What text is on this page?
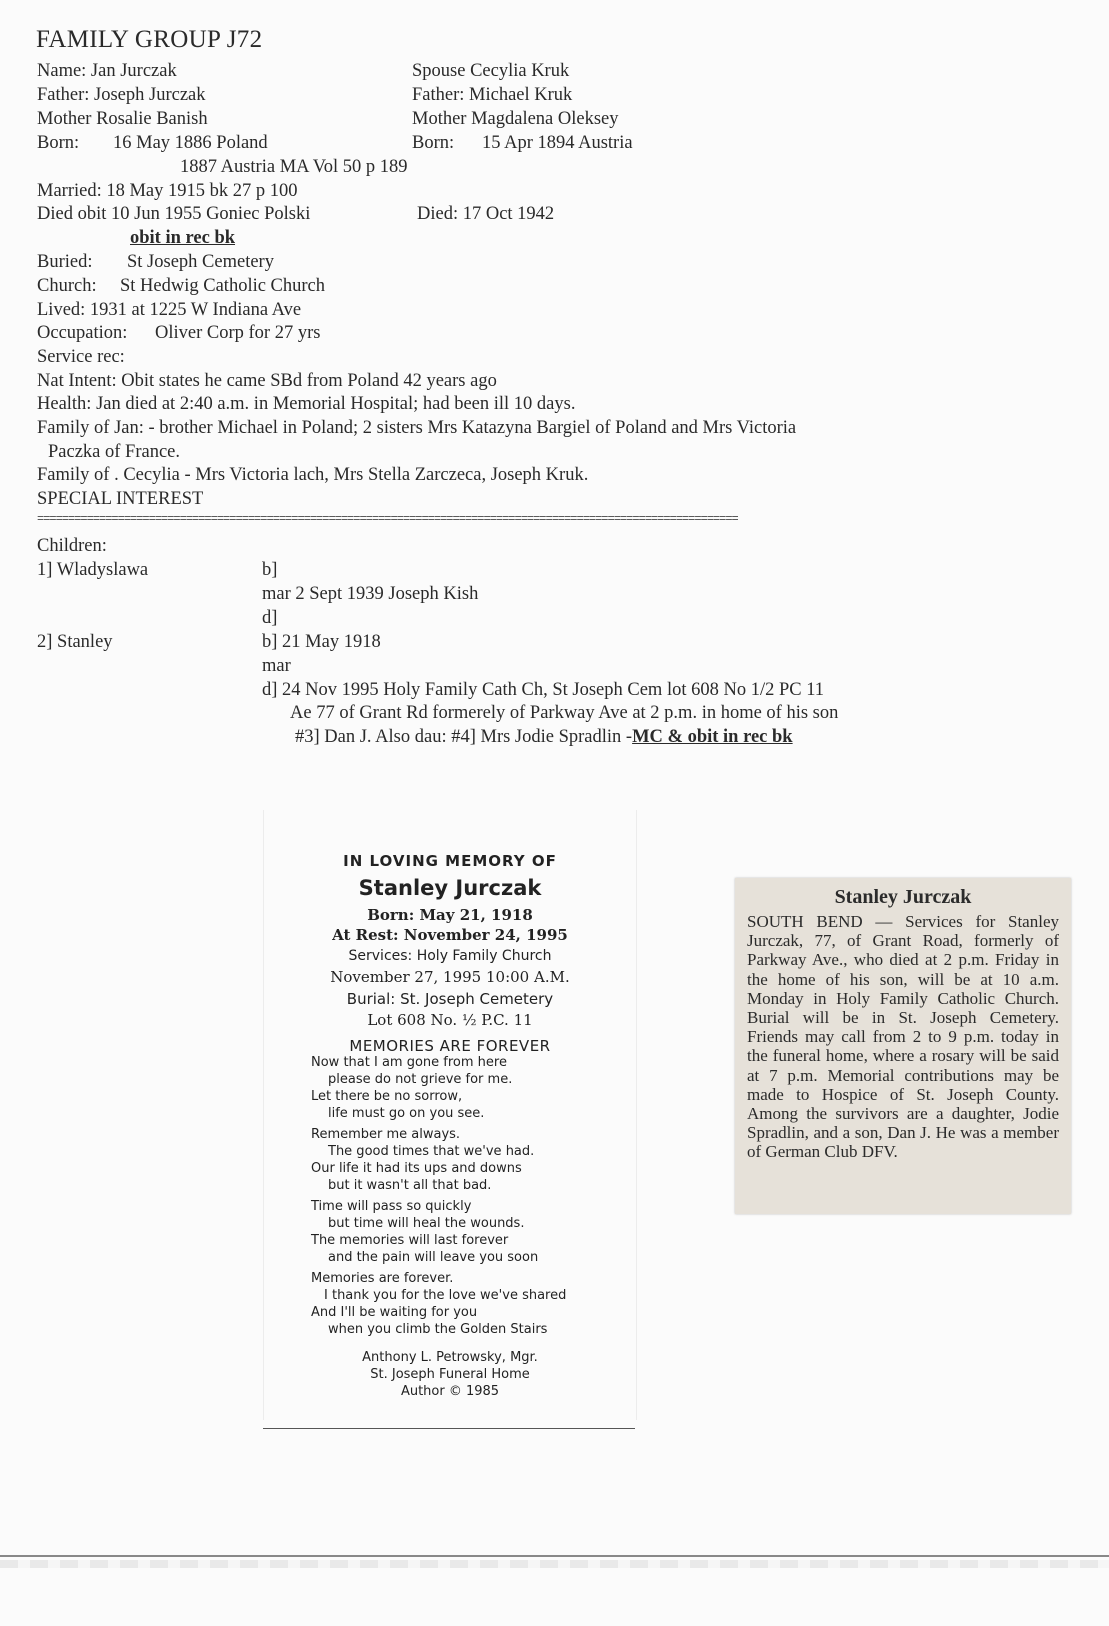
FAMILY GROUP J72
Name: Jan Jurczak
Father: Joseph Jurczak
Mother Rosalie Banish
Born: 16 May 1886 Poland
1887 Austria MA Vol 50 p 189
Spouse Cecylia Kruk
Father: Michael Kruk
Mother Magdalena Oleksey
Born: 15 Apr 1894 Austria
Died: 17 Oct 1942
Married: 18 May 1915 bk 27 p 100
Died obit 10 Jun 1955 Goniec Polski
obit in rec bk
Buried: St Joseph Cemetery
Church: St Hedwig Catholic Church
Lived: 1931 at 1225 W Indiana Ave
Occupation: Oliver Corp for 27 yrs
Service rec:
Nat Intent: Obit states he came SBd from Poland 42 years ago
Health: Jan died at 2:40 a.m. in Memorial Hospital; had been ill 10 days.
Family of Jan: - brother Michael in Poland; 2 sisters Mrs Katazyna Bargiel of Poland and Mrs Victoria
Paczka of France.
Family of . Cecylia - Mrs Victoria lach, Mrs Stella Zarczeca, Joseph Kruk.
SPECIAL INTEREST
=================================================================================================================
Children:
1] Wladyslawa	b]
mar 2 Sept 1939 Joseph Kish
d]
2] Stanley	b] 21 May 1918
mar
d] 24 Nov 1995 Holy Family Cath Ch, St Joseph Cem lot 608 No 1/2 PC 11
Ae 77 of Grant Rd formerely of Parkway Ave at 2 p.m. in home of his son
#3] Dan J. Also dau: #4] Mrs Jodie Spradlin -MC & obit in rec bk
IN LOVING MEMORY OF
Stanley Jurczak
Born: May 21, 1918
At Rest: November 24, 1995
Services: Holy Family Church
November 27, 1995 10:00 A.M.
Burial: St. Joseph Cemetery
Lot 608 No. ½ P.C. 11
MEMORIES ARE FOREVER
Anthony L. Petrowsky, Mgr.
St. Joseph Funeral Home
Author © 1985
Now that I am gone from here
please do not grieve for me.
Let there be no sorrow,
life must go on you see.
Remember me always.
The good times that we've had.
Our life it had its ups and downs
but it wasn't all that bad.
Time will pass so quickly
but time will heal the wounds.
The memories will last forever
and the pain will leave you soon
Memories are forever.
I thank you for the love we've shared
And I'll be waiting for you
when you climb the Golden Stairs
Stanley Jurczak
SOUTH BEND — Services for Stanley Jurczak, 77, of Grant Road, formerly of Parkway Ave., who died at 2 p.m. Friday in the home of his son, will be at 10 a.m. Monday in Holy Family Catholic Church. Burial will be in St. Joseph Cemetery. Friends may call from 2 to 9 p.m. today in the funeral home, where a rosary will be said at 7 p.m. Memorial contributions may be made to Hospice of St. Joseph County. Among the survivors are a daughter, Jodie Spradlin, and a son, Dan J. He was a member of German Club DFV.
